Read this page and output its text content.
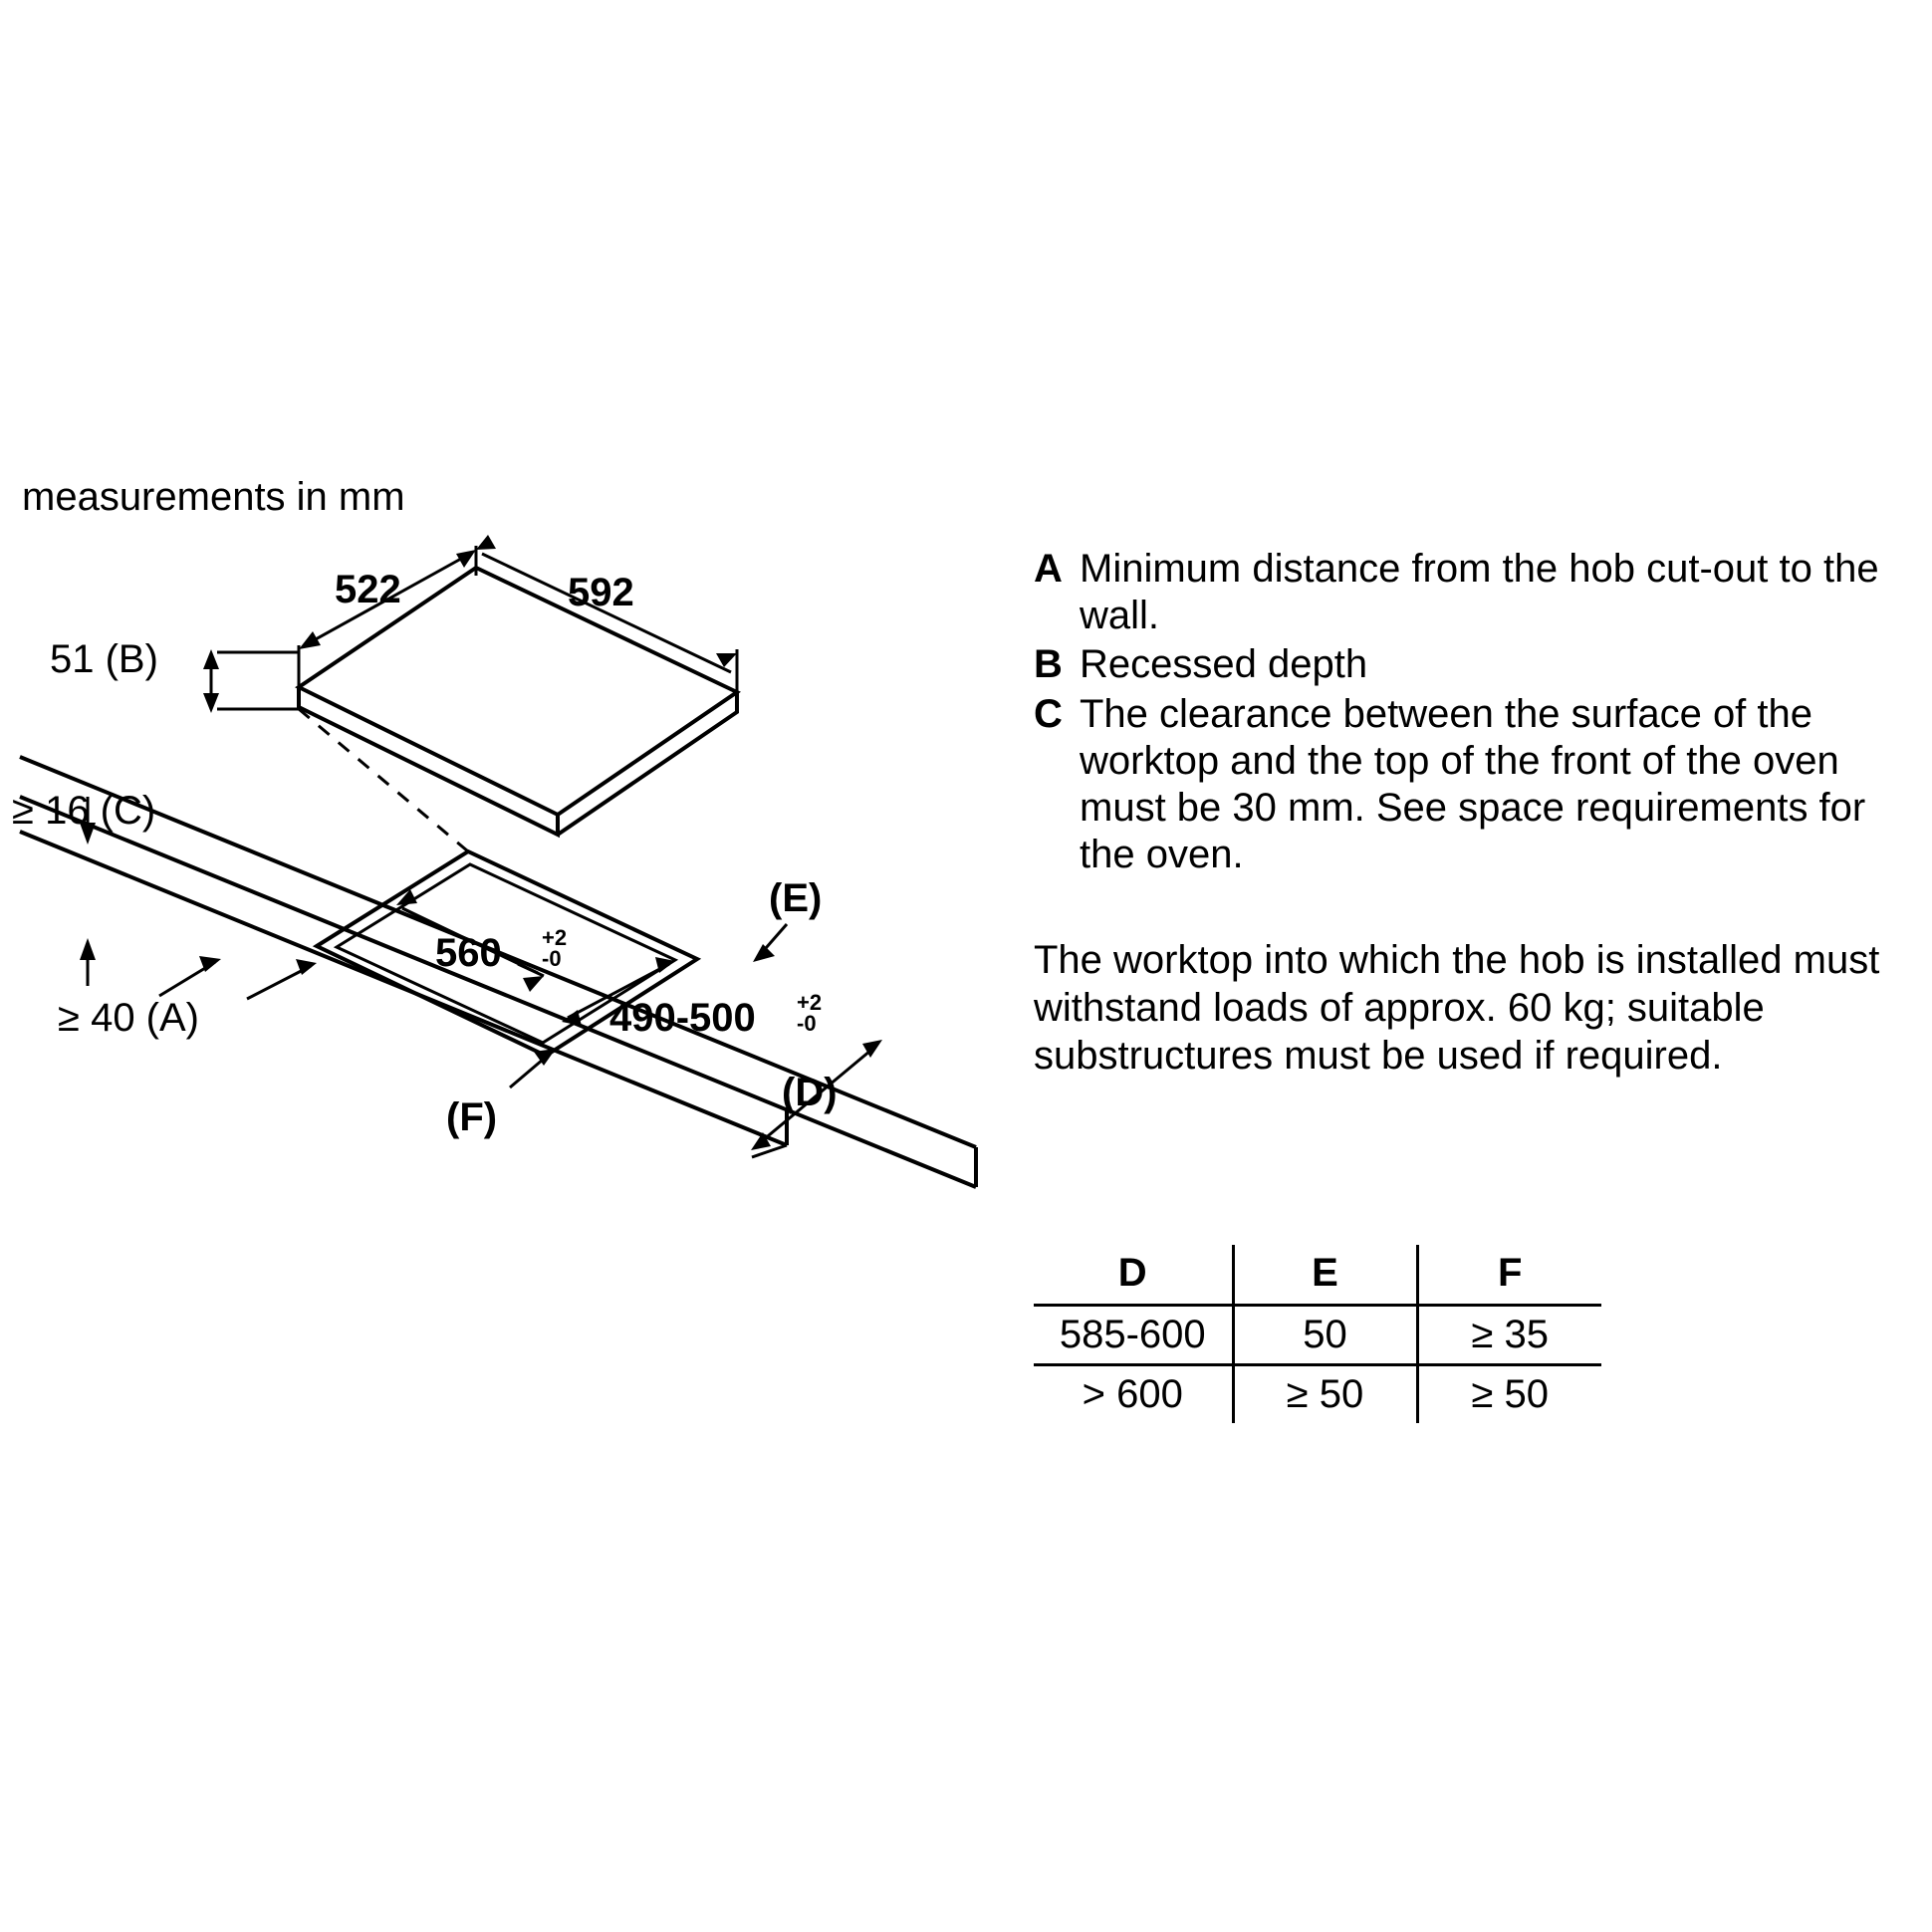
measurements in mm
522	592
51 (B)
≥ 16 (C)
≥ 40 (A)
560 +2
-0
490-500 +2
-0
(E)
(F)
(D)
A Minimum distance from the hob cut-out to the wall.
B Recessed depth
C The clearance between the surface of the worktop and the top of the front of the oven must be 30 mm. See space requirements for the oven.
The worktop into which the hob is installed must withstand loads of approx. 60 kg; suitable substructures must be used if required.
D	E	F
585-600	50	≥ 35
> 600	≥ 50	≥ 50
